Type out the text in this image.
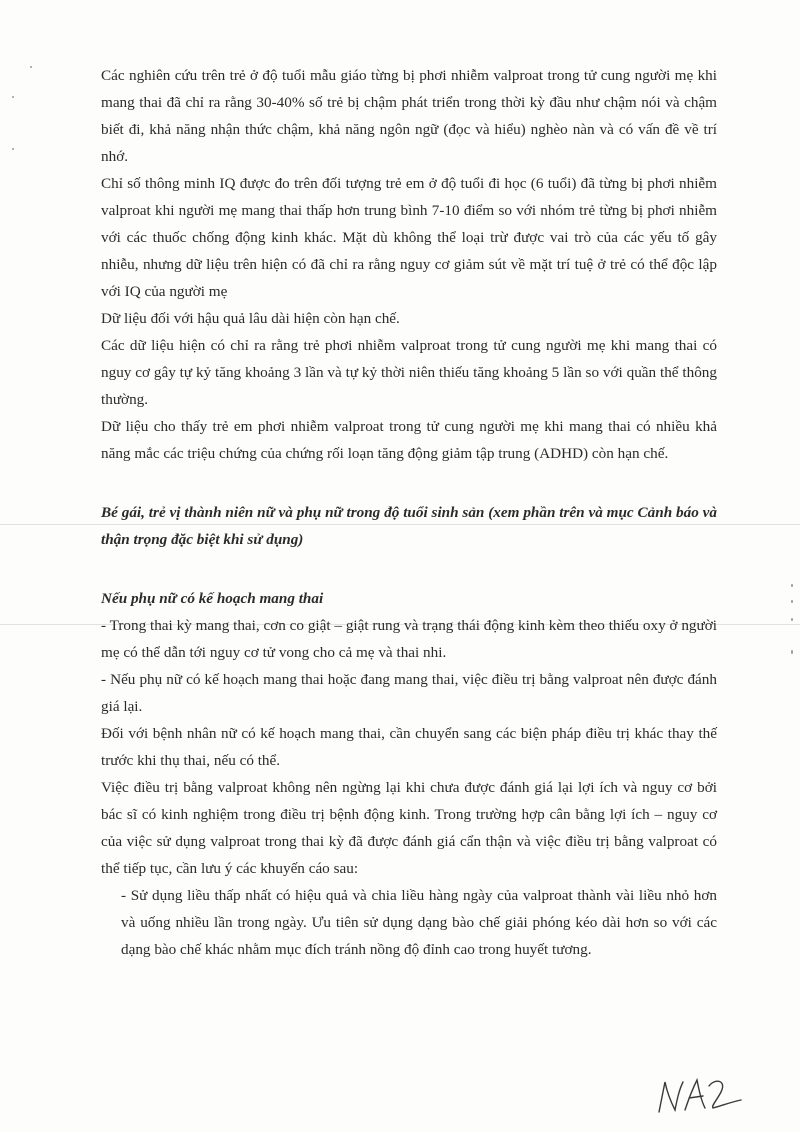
Các nghiên cứu trên trẻ ở độ tuổi mẫu giáo từng bị phơi nhiễm valproat trong tử cung người mẹ khi mang thai đã chỉ ra rằng 30-40% số trẻ bị chậm phát triển trong thời kỳ đầu như chậm nói và chậm biết đi, khả năng nhận thức chậm, khả năng ngôn ngữ (đọc và hiểu) nghèo nàn và có vấn đề về trí nhớ.

Chỉ số thông minh IQ được đo trên đối tượng trẻ em ở độ tuổi đi học (6 tuổi) đã từng bị phơi nhiễm valproat khi người mẹ mang thai thấp hơn trung bình 7-10 điểm so với nhóm trẻ từng bị phơi nhiễm với các thuốc chống động kinh khác. Mặt dù không thể loại trừ được vai trò của các yếu tố gây nhiễu, nhưng dữ liệu trên hiện có đã chỉ ra rằng nguy cơ giảm sút về mặt trí tuệ ở trẻ có thể độc lập với IQ của người mẹ

Dữ liệu đối với hậu quả lâu dài hiện còn hạn chế.

Các dữ liệu hiện có chỉ ra rằng trẻ phơi nhiễm valproat trong tử cung người mẹ khi mang thai có nguy cơ gây tự kỷ tăng khoảng 3 lần và tự kỷ thời niên thiếu tăng khoảng 5 lần so với quần thể thông thường.

Dữ liệu cho thấy trẻ em phơi nhiễm valproat trong tử cung người mẹ khi mang thai có nhiều khả năng mắc các triệu chứng của chứng rối loạn tăng động giảm tập trung (ADHD) còn hạn chế.

Bé gái, trẻ vị thành niên nữ và phụ nữ trong độ tuổi sinh sản (xem phần trên và mục Cảnh báo và thận trọng đặc biệt khi sử dụng)

Nếu phụ nữ có kế hoạch mang thai

- Trong thai kỳ mang thai, cơn co giật – giật rung và trạng thái động kinh kèm theo thiếu oxy ở người mẹ có thể dẫn tới nguy cơ tử vong cho cả mẹ và thai nhi.

- Nếu phụ nữ có kế hoạch mang thai hoặc đang mang thai, việc điều trị bằng valproat nên được đánh giá lại.

Đối với bệnh nhân nữ có kế hoạch mang thai, cần chuyển sang các biện pháp điều trị khác thay thế trước khi thụ thai, nếu có thể.

Việc điều trị bằng valproat không nên ngừng lại khi chưa được đánh giá lại lợi ích và nguy cơ bởi bác sĩ có kinh nghiệm trong điều trị bệnh động kinh. Trong trường hợp cân bằng lợi ích – nguy cơ của việc sử dụng valproat trong thai kỳ đã được đánh giá cẩn thận và việc điều trị bằng valproat có thể tiếp tục, cần lưu ý các khuyến cáo sau:

- Sử dụng liều thấp nhất có hiệu quả và chia liều hàng ngày của valproat thành vài liều nhỏ hơn và uống nhiều lần trong ngày. Ưu tiên sử dụng dạng bào chế giải phóng kéo dài hơn so với các dạng bào chế khác nhằm mục đích tránh nồng độ đỉnh cao trong huyết tương.
